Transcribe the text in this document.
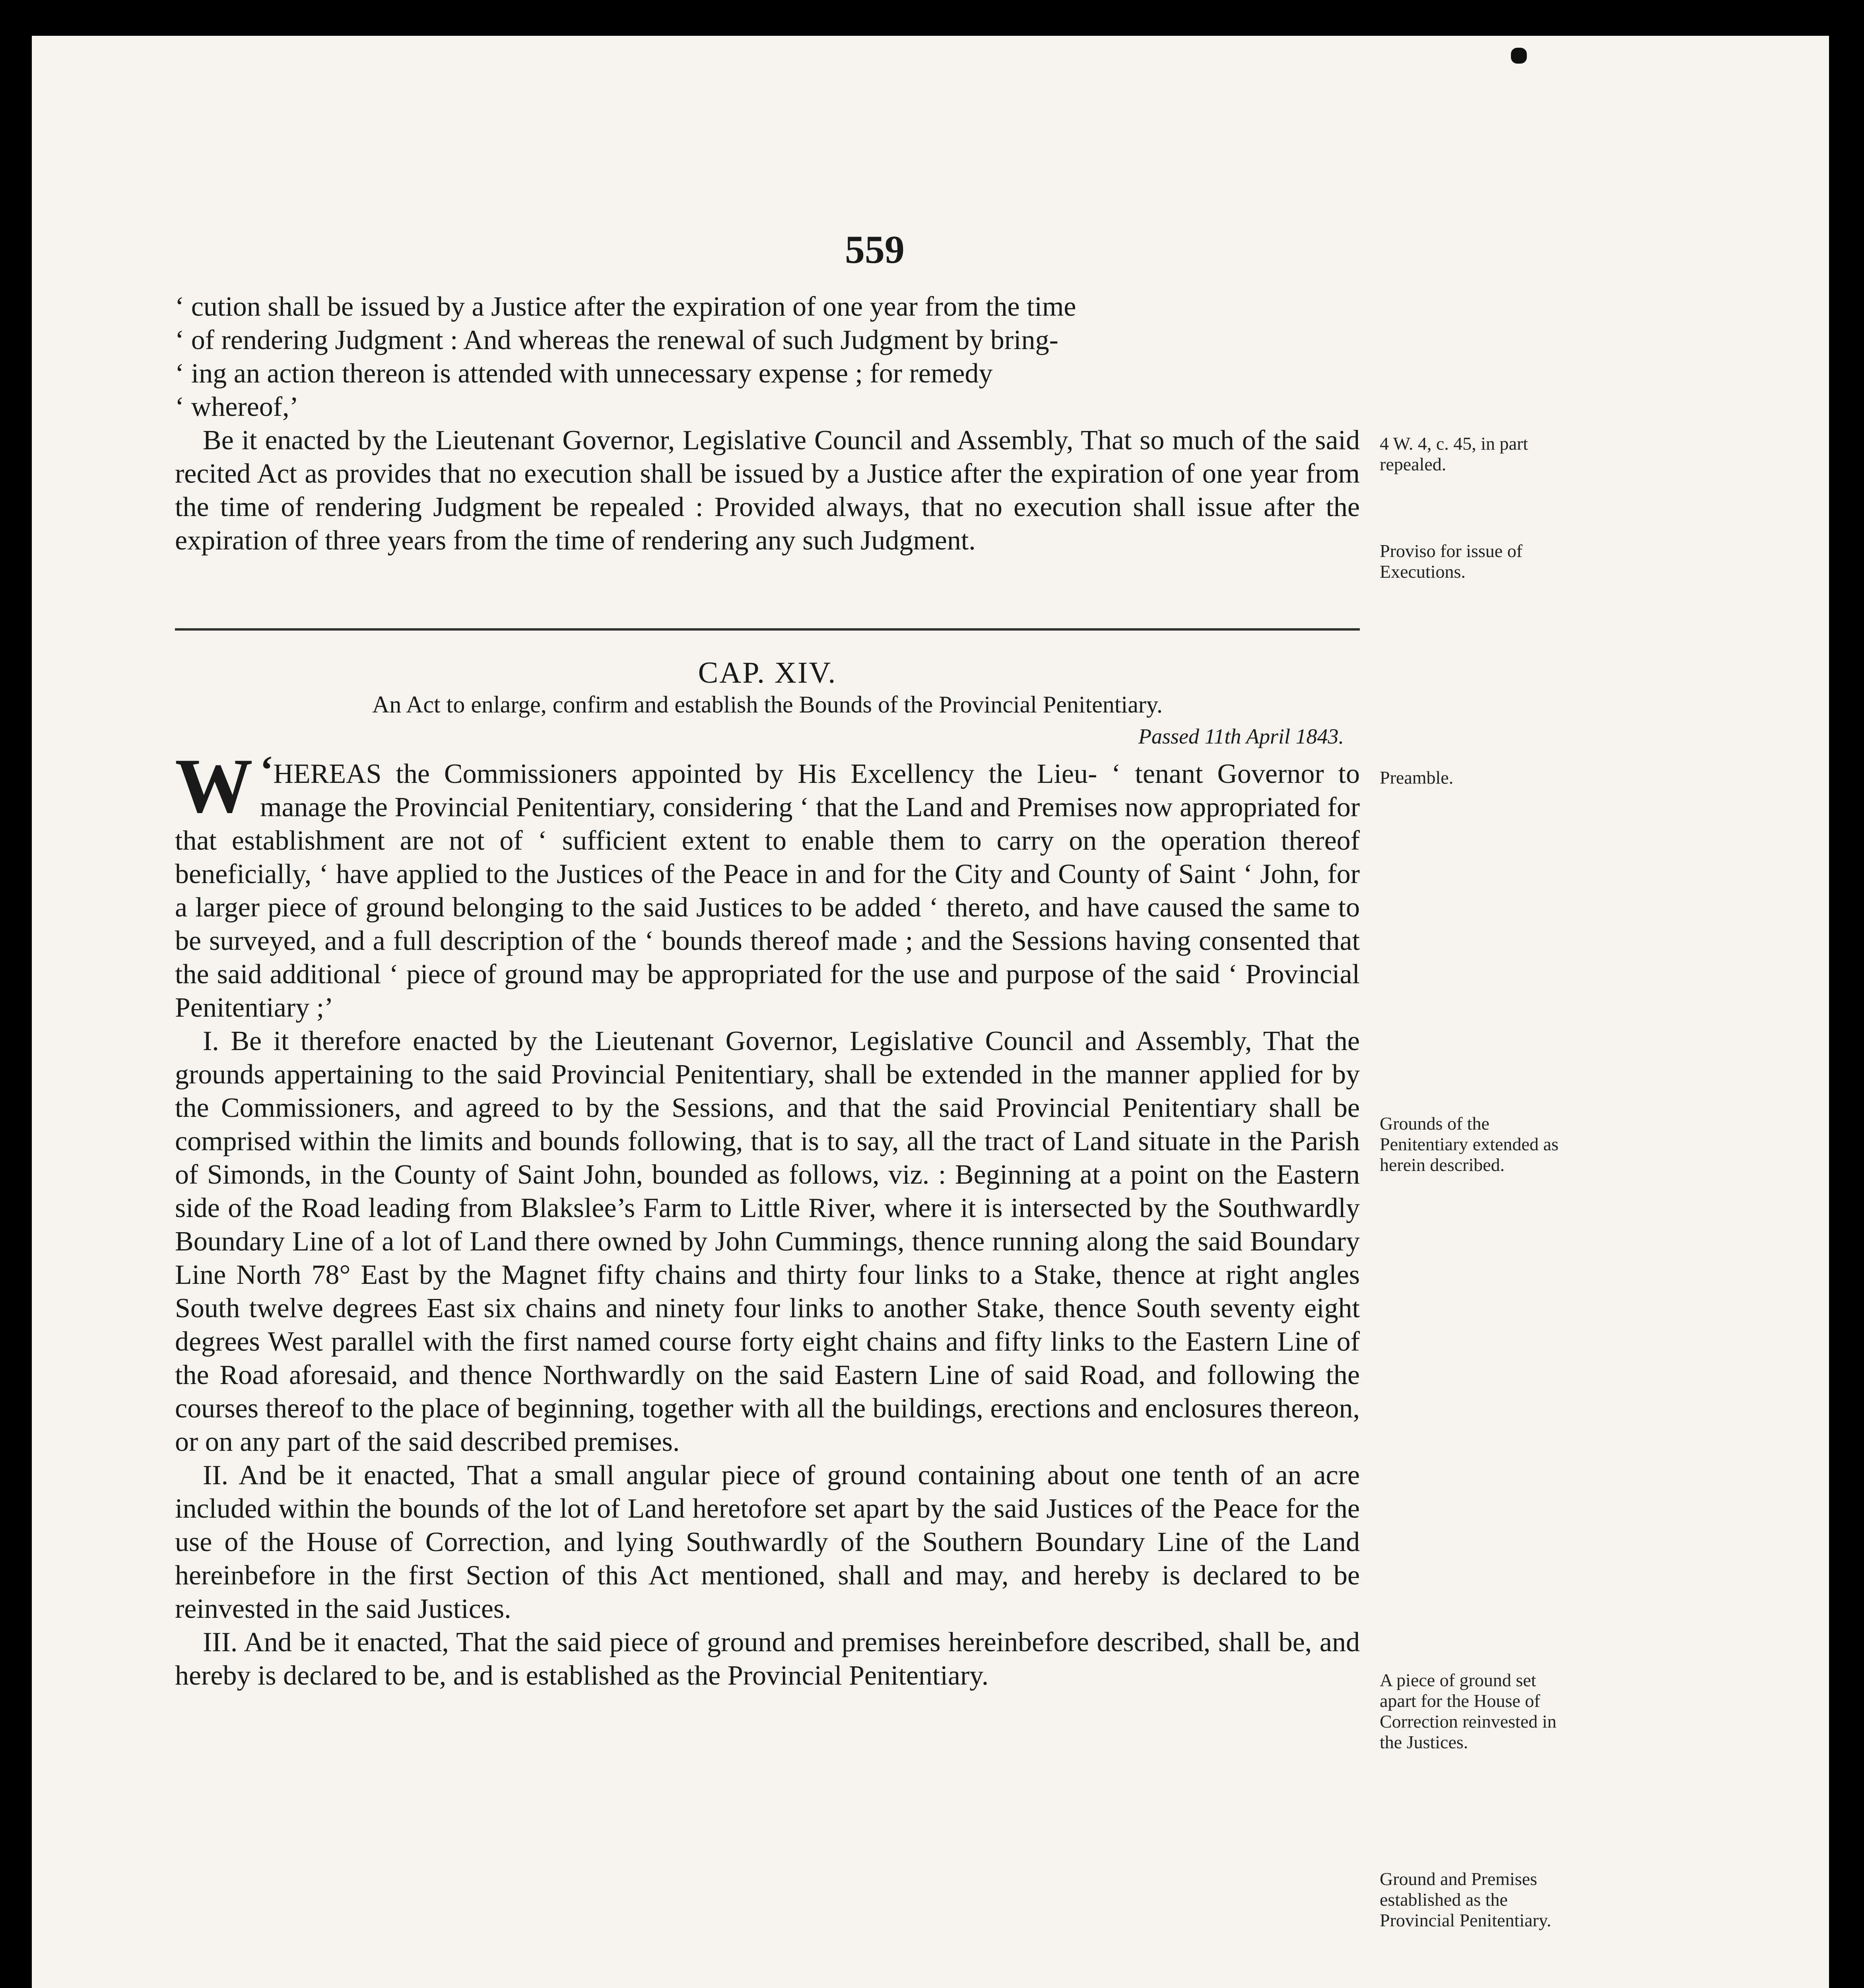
559

‘ cution shall be issued by a Justice after the expiration of one year from the time

‘ of rendering Judgment : And whereas the renewal of such Judgment by bring-

‘ ing an action thereon is attended with unnecessary expense ; for remedy

‘ whereof,’

Be it enacted by the Lieutenant Governor, Legislative Council and Assembly, That so much of the said recited Act as provides that no execution shall be issued by a Justice after the expiration of one year from the time of rendering Judgment be repealed : Provided always, that no execution shall issue after the expiration of three years from the time of rendering any such Judgment.

4 W. 4, c. 45, in part repealed.
Proviso for issue of Executions.

CAP. XIV.

An Act to enlarge, confirm and establish the Bounds of the Provincial Penitentiary.

Passed 11th April 1843.

‘
W HEREAS the Commissioners appointed by His Excellency the Lieu- ‘ tenant Governor to manage the Provincial Penitentiary, considering ‘ that the Land and Premises now appropriated for that establishment are not of ‘ sufficient extent to enable them to carry on the operation thereof beneficially, ‘ have applied to the Justices of the Peace in and for the City and County of Saint ‘ John, for a larger piece of ground belonging to the said Justices to be added ‘ thereto, and have caused the same to be surveyed, and a full description of the ‘ bounds thereof made ; and the Sessions having consented that the said additional ‘ piece of ground may be appropriated for the use and purpose of the said ‘ Provincial Penitentiary ;’

I. Be it therefore enacted by the Lieutenant Governor, Legislative Council and Assembly, That the grounds appertaining to the said Provincial Penitentiary, shall be extended in the manner applied for by the Commissioners, and agreed to by the Sessions, and that the said Provincial Penitentiary shall be comprised within the limits and bounds following, that is to say, all the tract of Land situate in the Parish of Simonds, in the County of Saint John, bounded as follows, viz. : Beginning at a point on the Eastern side of the Road leading from Blakslee’s Farm to Little River, where it is intersected by the Southwardly Boundary Line of a lot of Land there owned by John Cummings, thence running along the said Boundary Line North 78° East by the Magnet fifty chains and thirty four links to a Stake, thence at right angles South twelve degrees East six chains and ninety four links to another Stake, thence South seventy eight degrees West parallel with the first named course forty eight chains and fifty links to the Eastern Line of the Road aforesaid, and thence Northwardly on the said Eastern Line of said Road, and following the courses thereof to the place of beginning, together with all the buildings, erections and enclosures thereon, or on any part of the said described premises.

II. And be it enacted, That a small angular piece of ground containing about one tenth of an acre included within the bounds of the lot of Land heretofore set apart by the said Justices of the Peace for the use of the House of Correction, and lying Southwardly of the Southern Boundary Line of the Land hereinbefore in the first Section of this Act mentioned, shall and may, and hereby is declared to be reinvested in the said Justices.

III. And be it enacted, That the said piece of ground and premises hereinbefore described, shall be, and hereby is declared to be, and is established as the Provincial Penitentiary.

Preamble.
Grounds of the Penitentiary extended as herein described.
A piece of ground set apart for the House of Correction reinvested in the Justices.
Ground and Premises established as the Provincial Penitentiary.
